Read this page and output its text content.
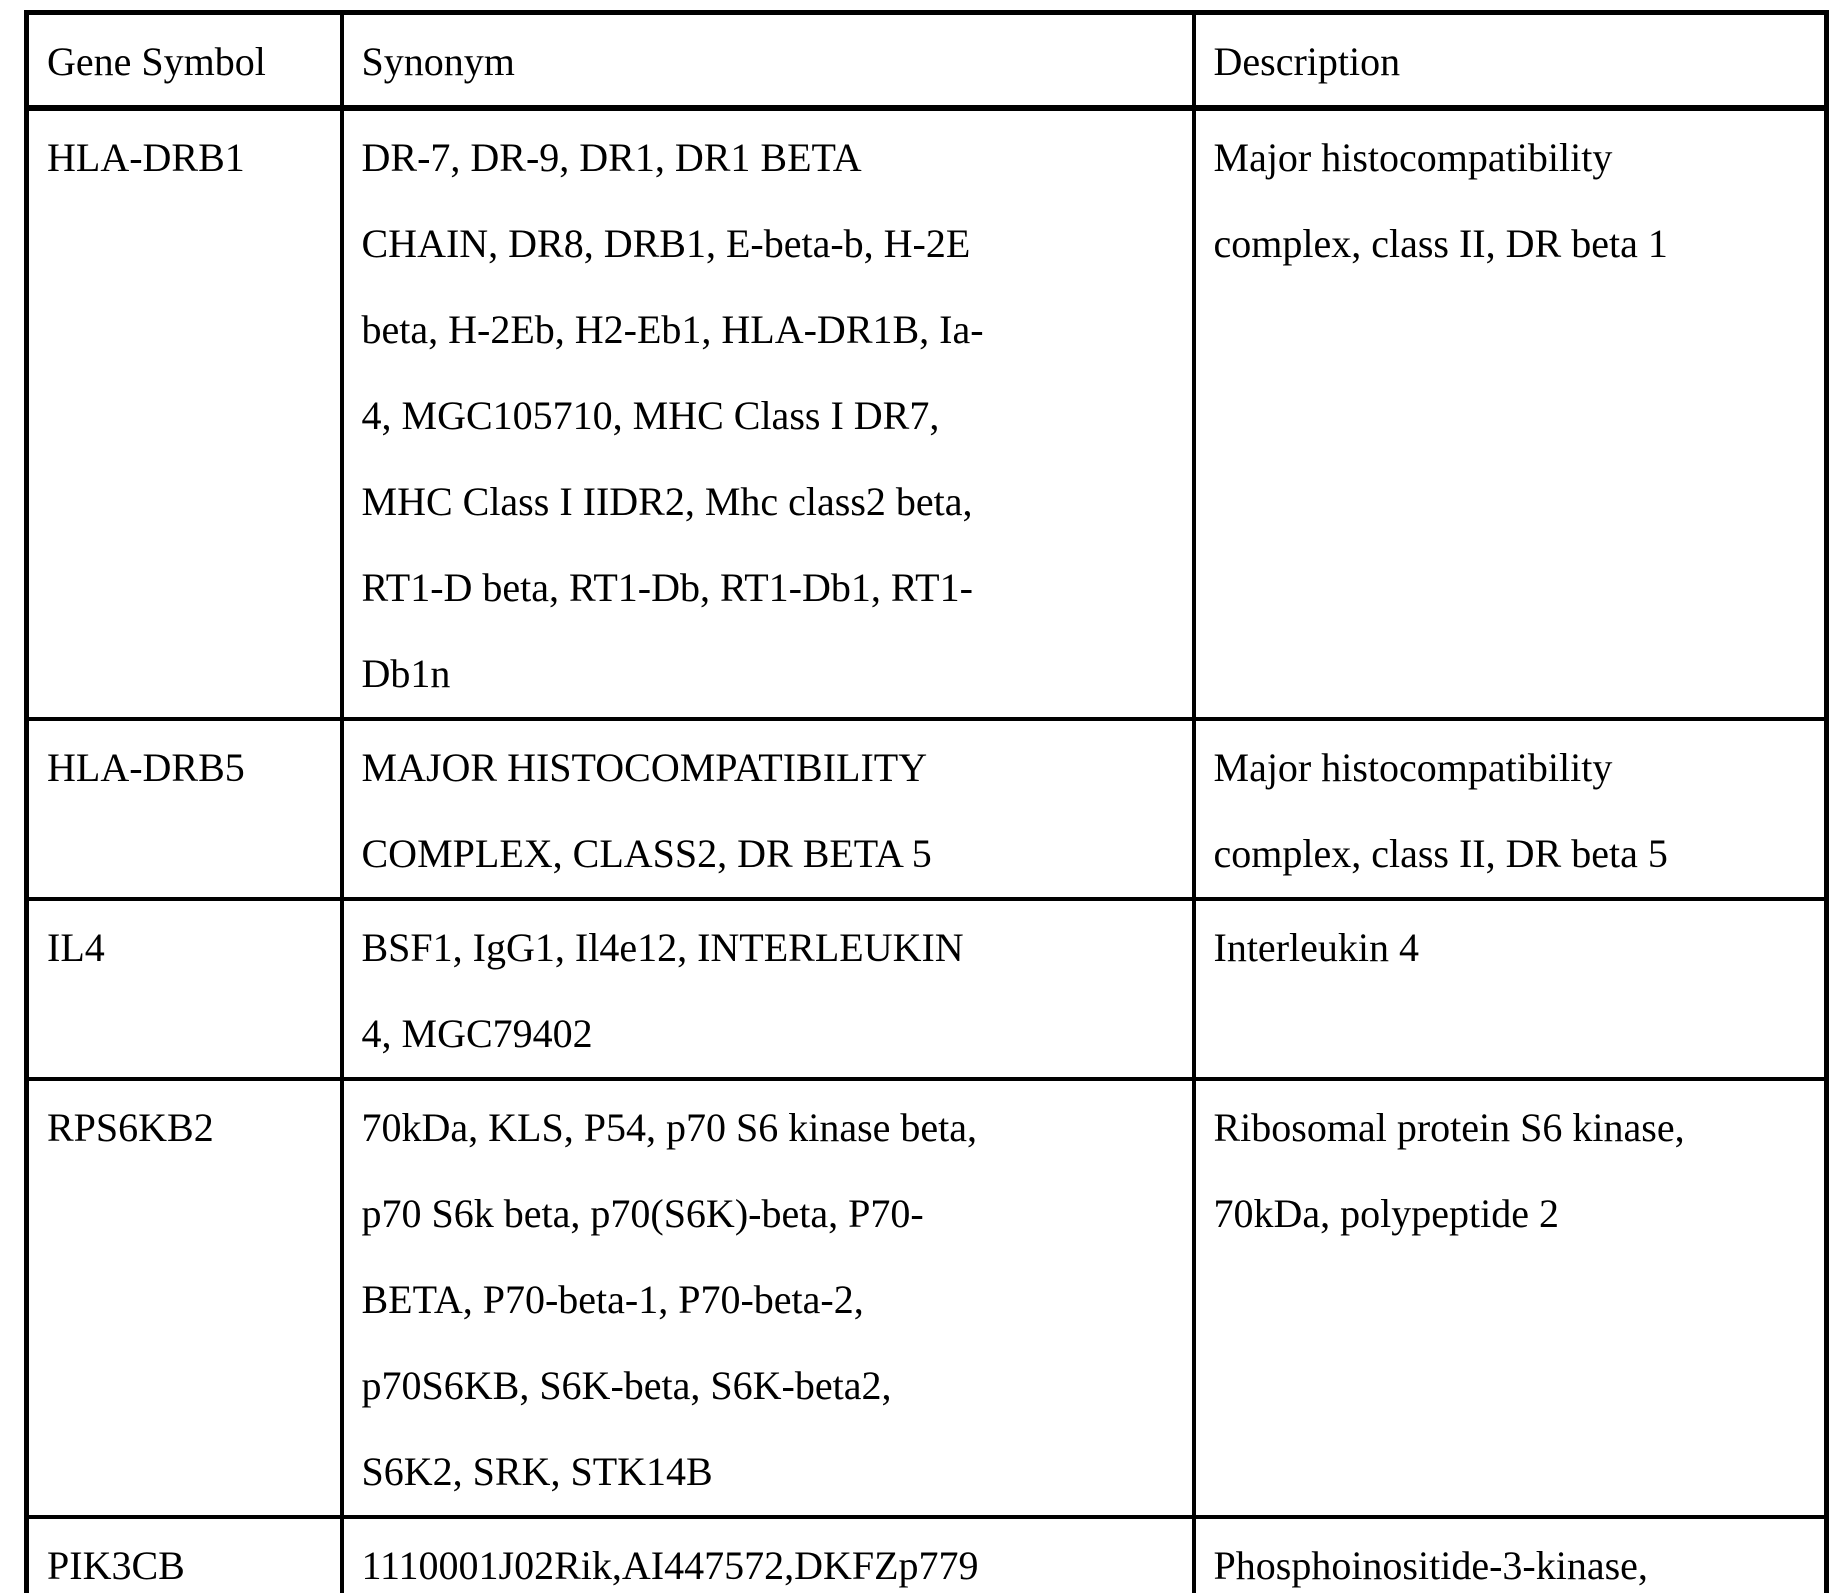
Gene Symbol	Synonym	Description
HLA-DRB1	DR-7, DR-9, DR1, DR1 BETA
CHAIN, DR8, DRB1, E-beta-b, H-2E
beta, H-2Eb, H2-Eb1, HLA-DR1B, Ia-
4, MGC105710, MHC Class I DR7,
MHC Class I IIDR2, Mhc class2 beta,
RT1-D beta, RT1-Db, RT1-Db1, RT1-
Db1n	Major histocompatibility
complex, class II, DR beta 1
HLA-DRB5	MAJOR HISTOCOMPATIBILITY
COMPLEX, CLASS2, DR BETA 5	Major histocompatibility
complex, class II, DR beta 5
IL4	BSF1, IgG1, Il4e12, INTERLEUKIN
4, MGC79402	Interleukin 4
RPS6KB2	70kDa, KLS, P54, p70 S6 kinase beta,
p70 S6k beta, p70(S6K)-beta, P70-
BETA, P70-beta-1, P70-beta-2,
p70S6KB, S6K-beta, S6K-beta2,
S6K2, SRK, STK14B	Ribosomal protein S6 kinase,
70kDa, polypeptide 2
PIK3CB	1110001J02Rik,AI447572,DKFZp779	Phosphoinositide-3-kinase,
